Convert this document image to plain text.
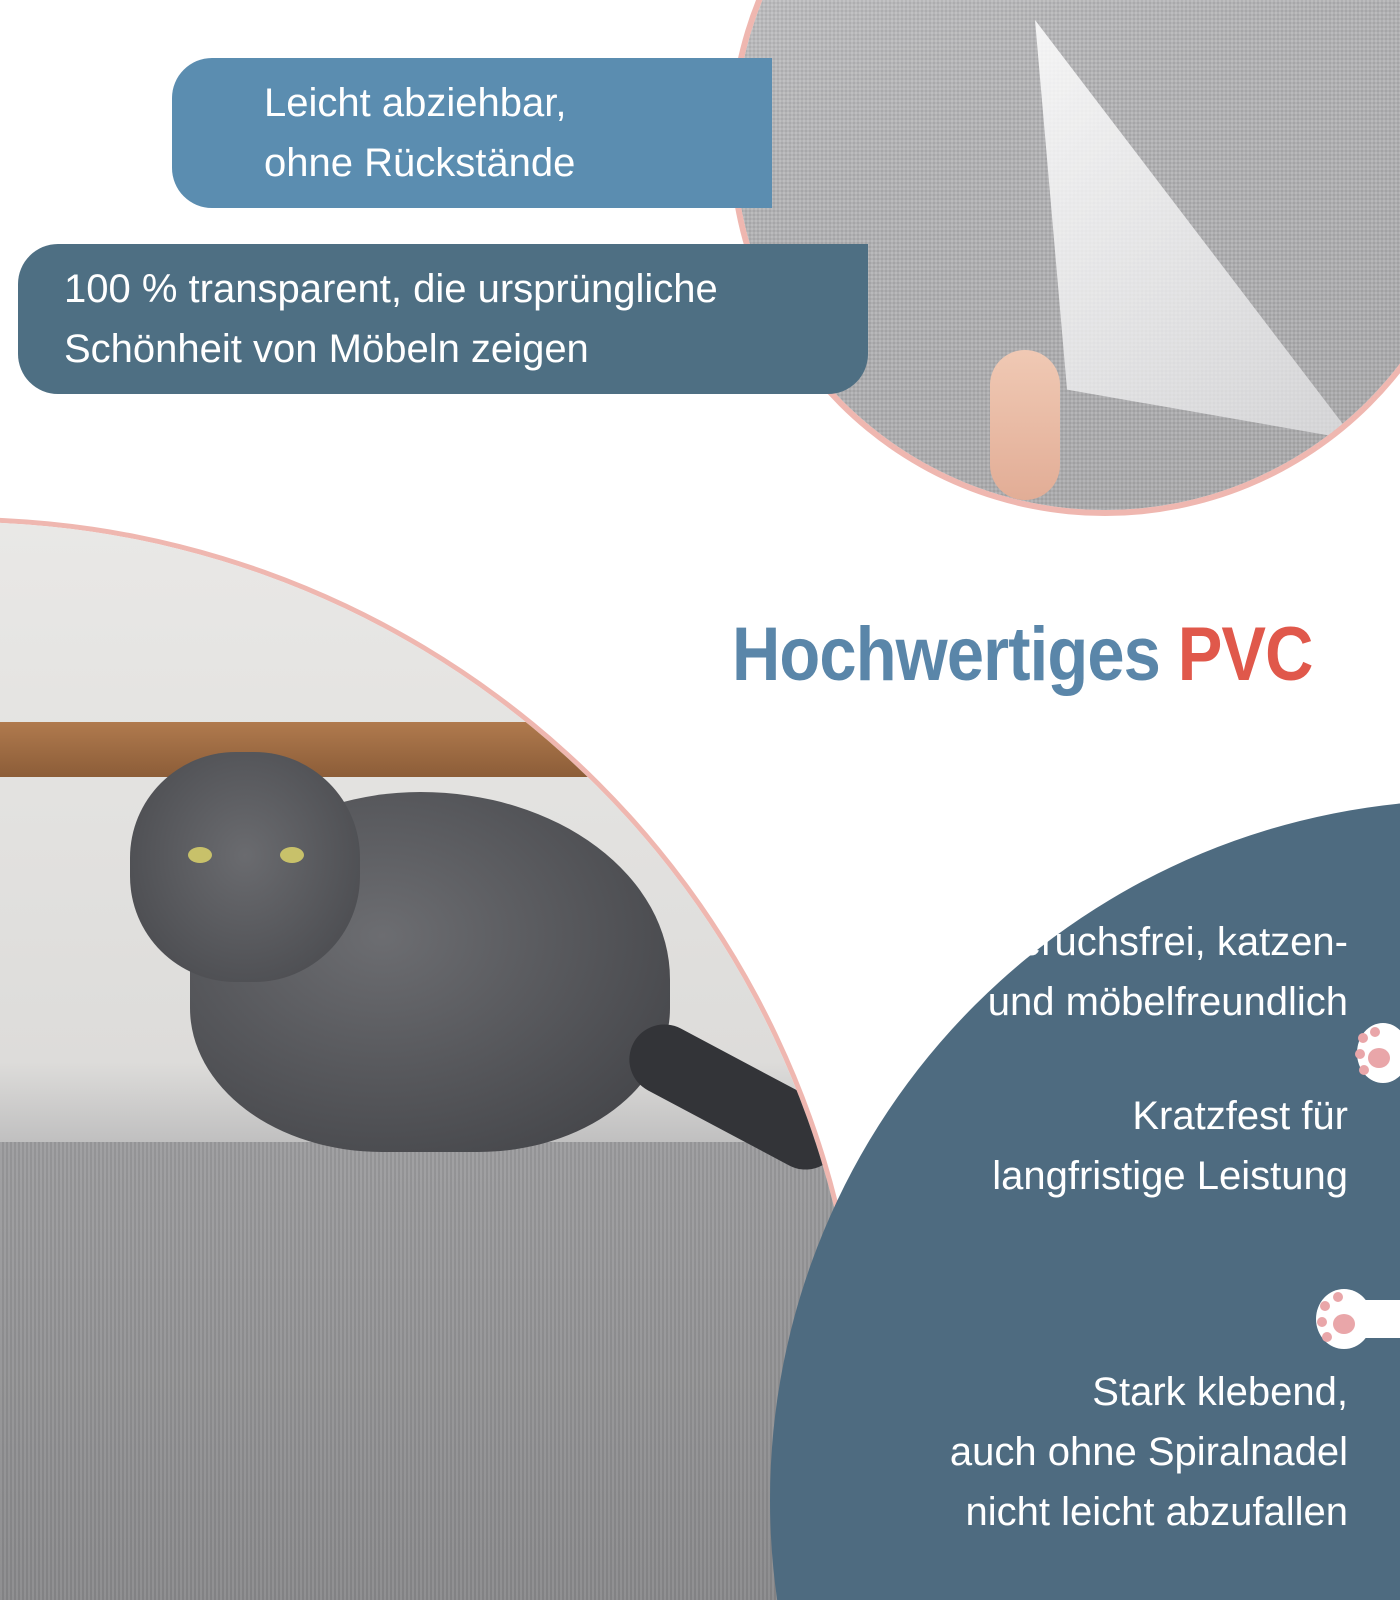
Leicht abziehbar,
ohne Rückstände
100 % transparent, die ursprüngliche
Schönheit von Möbeln zeigen
Hochwertiges PVC
Geruchsfrei, katzen-
und möbelfreundlich
Kratzfest für
langfristige Leistung
Stark klebend,
auch ohne Spiralnadel
nicht leicht abzufallen
